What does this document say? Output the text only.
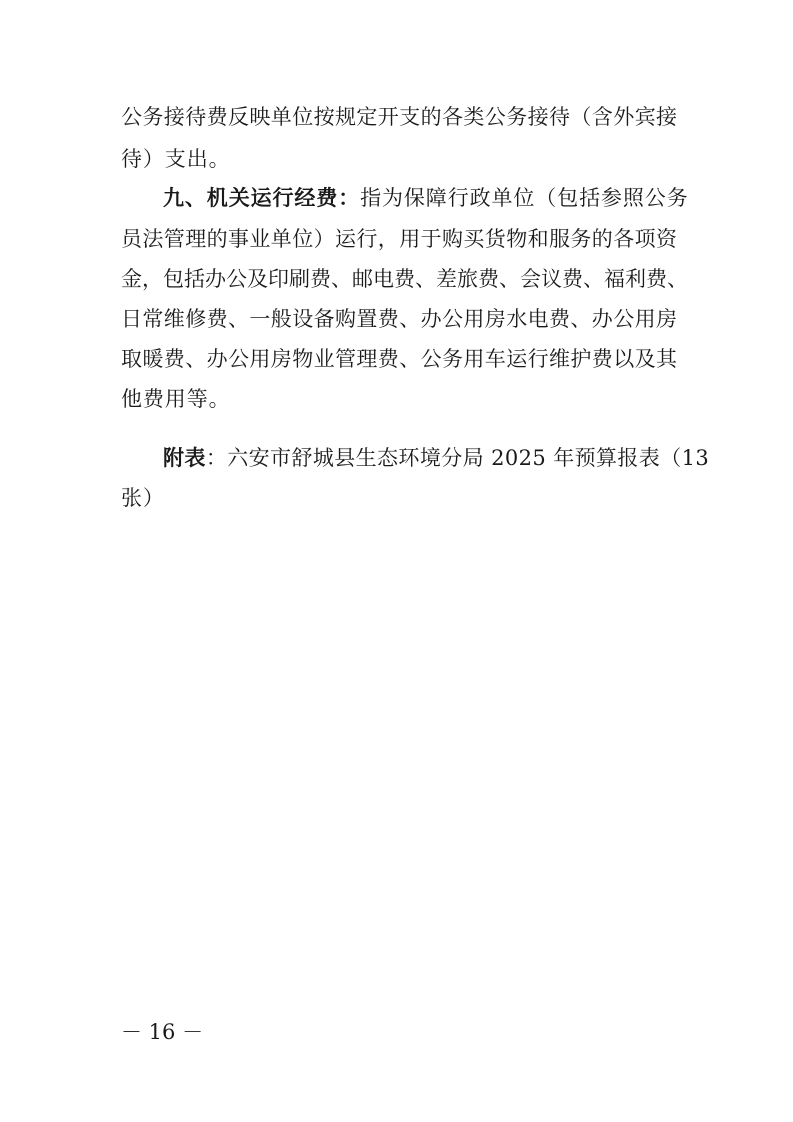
公务接待费反映单位按规定开支的各类公务接待（含外宾接
待）支出。
九、机关运行经费：指为保障行政单位（包括参照公务
员法管理的事业单位）运行，用于购买货物和服务的各项资
金，包括办公及印刷费、邮电费、差旅费、会议费、福利费、
日常维修费、一般设备购置费、办公用房水电费、办公用房
取暖费、办公用房物业管理费、公务用车运行维护费以及其
他费用等。
附表：六安市舒城县生态环境分局 2025 年预算报表（13
张）
－ 16 －
